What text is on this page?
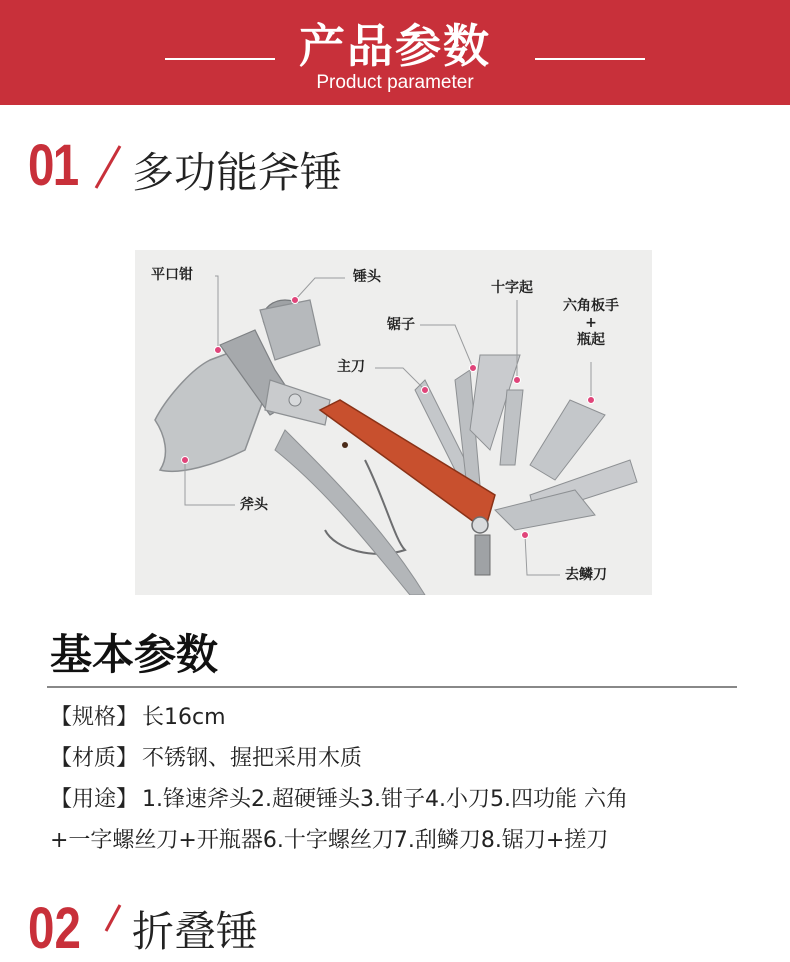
产品参数
Product parameter
01 多功能斧锤
平口钳	锤头
十字起
六角板手
+
瓶起
锯子
主刀
斧头
去鳞刀
基本参数
【规格】 长16cm
【材质】 不锈钢、握把采用木质
【用途】 1.锋速斧头2.超硬锤头3.钳子4.小刀5.四功能 六角
+一字螺丝刀+开瓶器6.十字螺丝刀7.刮鳞刀8.锯刀+搓刀
02 折叠锤
